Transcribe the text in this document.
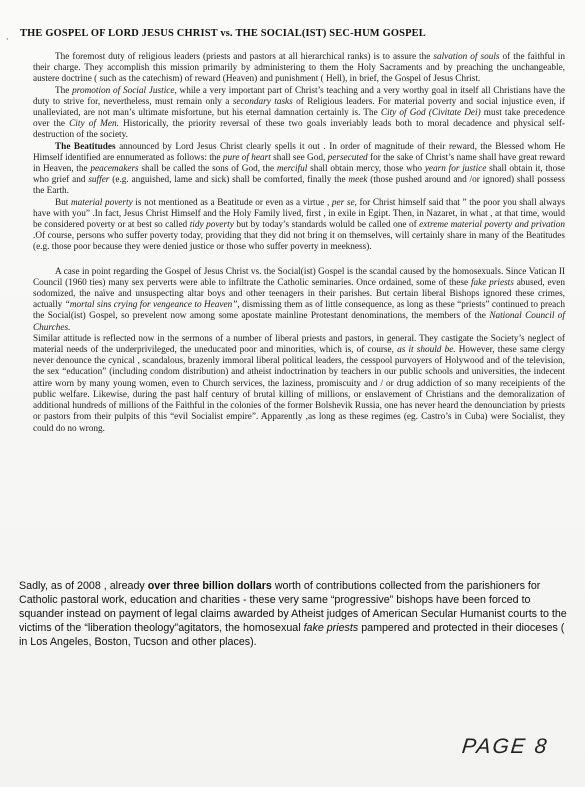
¸ THE GOSPEL OF LORD JESUS CHRIST vs. THE SOCIAL(IST) SEC-HUM GOSPEL

The foremost duty of religious leaders (priests and pastors at all hierarchical ranks) is to assure the salvation of souls of the faithful in their charge. They accomplish this mission primarily by administering to them the Holy Sacraments and by preaching the unchangeable, austere doctrine ( such as the catechism) of reward (Heaven) and punishment ( Hell), in brief, the Gospel of Jesus Christ.

The promotion of Social Justice, while a very important part of Christ’s teaching and a very worthy goal in itself all Christians have the duty to strive for, nevertheless, must remain only a secondary tasks of Religious leaders. For material poverty and social injustice even, if unalleviated, are not man’s ultimate misfortune, but his eternal damnation certainly is. The City of God (Civitate Dei) must take precedence over the City of Men. Historically, the priority reversal of these two goals inveriably leads both to moral decadence and physical self-destruction of the society.

The Beatitudes announced by Lord Jesus Christ clearly spells it out . In order of magnitude of their reward, the Blessed whom He Himself identified are ennumerated as follows: the pure of heart shall see God, persecuted for the sake of Christ’s name shall have great reward in Heaven, the peacemakers shall be called the sons of God, the merciful shall obtain mercy, those who yearn for justice shall obtain it, those who grief and suffer (e.g. anguished, lame and sick) shall be comforted, finally the meek (those pushed around and /or ignored) shall possess the Earth.

But material poverty is not mentioned as a Beatitude or even as a virtue , per se, for Christ himself said that ” the poor you shall always have with you” .In fact, Jesus Christ Himself and the Holy Family lived, first , in exile in Egipt. Then, in Nazaret, in what , at that time, would be considered poverty or at best so called tidy poverty but by today’s standards woluld be called one of extreme material poverty and privation .Of course, persons who suffer poverty today, providing that they did not bring it on themselves, will certainly share in many of the Beatitudes (e.g. those poor because they were denied justice or those who suffer poverty in meekness).

A case in point regarding the Gospel of Jesus Christ vs. the Social(ist) Gospel is the scandal caused by the homosexuals. Since Vatican II Council (1960 ties) many sex perverts were able to infiltrate the Catholic seminaries. Once ordained, some of these fake priests abused, even sodomized, the naïve and unsuspecting altar boys and other teenagers in their parishes. But certain liberal Bishops ignored these crimes, actually “mortal sins crying for vengeance to Heaven”, dismissing them as of little consequence, as long as these “priests” continued to preach the Social(ist) Gospel, so prevelent now among some apostate mainline Protestant denominations, the members of the National Council of Churches.

Similar attitude is reflected now in the sermons of a number of liberal priests and pastors, in general. They castigate the Society’s neglect of material needs of the underprivileged, the uneducated poor and minorities, which is, of course, as it should be. However, these same clergy never denounce the cynical , scandalous, brazenly immoral liberal political leaders, the cesspool purvoyers of Holywood and of the television, the sex “education” (including condom distribution) and atheist indoctrination by teachers in our public schools and universities, the indecent attire worn by many young women, even to Church services, the laziness, promiscuity and / or drug addiction of so many receipients of the public welfare. Likewise, during the past half century of brutal killing of millions, or enslavement of Christians and the demoralization of additional hundreds of millions of the Faithful in the colonies of the former Bolshevik Russia, one has never heard the denounciation by priests or pastors from their pulpits of this “evil Socialist empire”. Apparently ,as long as these regimes (eg. Castro’s in Cuba) were Socialist, they could do no wrong.

Sadly, as of 2008 , already over three billion dollars worth of contributions collected from the parishioners for Catholic pastoral work, education and charities - these very same “progressive” bishops have been forced to squander instead on payment of legal claims awarded by Atheist judges of American Secular Humanist courts to the victims of the “liberation theology”agitators, the homosexual fake priests pampered and protected in their dioceses ( in Los Angeles, Boston, Tucson and other places).
PAGE 8
